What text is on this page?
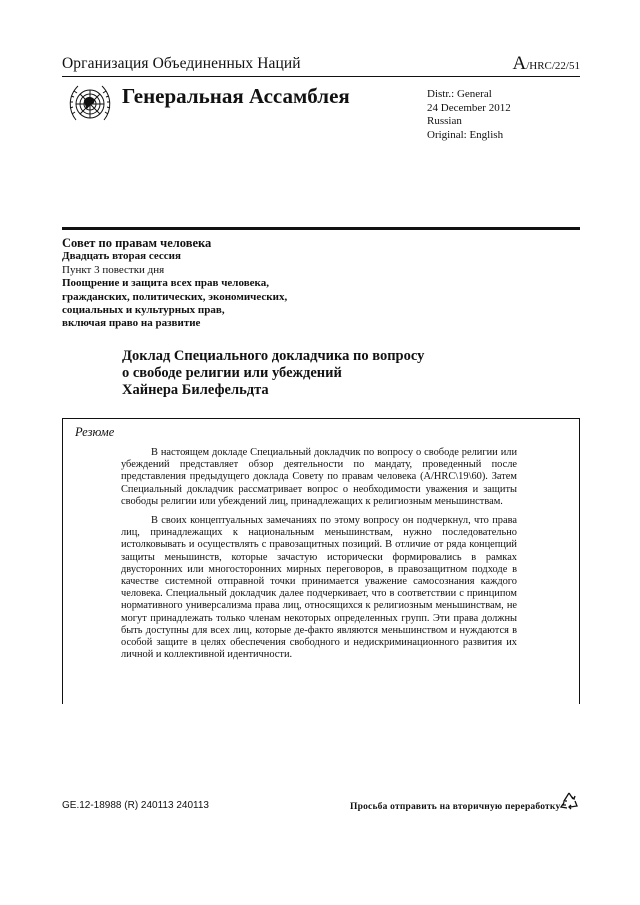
Организация Объединенных Наций	A/HRC/22/51
Генеральная Ассамблея	Distr.: General
24 December 2012
Russian
Original: English
Совет по правам человека
Двадцать вторая сессия
Пункт 3 повестки дня
Поощрение и защита всех прав человека,
гражданских, политических, экономических,
социальных и культурных прав,
включая право на развитие
Доклад Специального докладчика по вопросу
о свободе религии или убеждений
Хайнера Билефельдта
Резюме

В настоящем докладе Специальный докладчик по вопросу о свободе религии или убеждений представляет обзор деятельности по мандату, проведенный после представления предыдущего доклада Совету по правам человека (A/HRC\19\60). Затем Специальный докладчик рассматривает вопрос о необходимости уважения и защиты свободы религии или убеждений лиц, принадлежащих к религиозным меньшинствам.

В своих концептуальных замечаниях по этому вопросу он подчеркнул, что права лиц, принадлежащих к национальным меньшинствам, нужно последовательно истолковывать и осуществлять с правозащитных позиций. В отличие от ряда концепций защиты меньшинств, которые зачастую исторически формировались в рамках двусторонних или многосторонних мирных переговоров, в правозащитном подходе в качестве системной отправной точки принимается уважение самосознания каждого человека. Специальный докладчик далее подчеркивает, что в соответствии с принципом нормативного универсализма права лиц, относящихся к религиозным меньшинствам, не могут принадлежать только членам некоторых определенных групп. Эти права должны быть доступны для всех лиц, которые де-факто являются меньшинством и нуждаются в особой защите в целях обеспечения свободного и недискриминационного развития их личной и коллективной идентичности.

GE.12-18988 (R) 240113 240113	Просьба отправить на вторичную переработку
